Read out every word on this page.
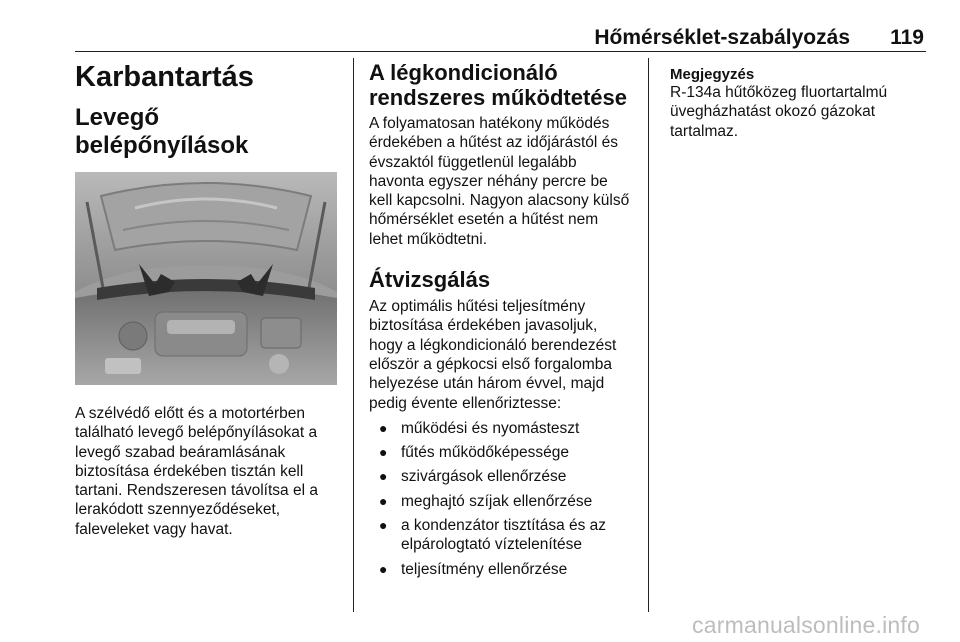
Hőmérséklet-szabályozás	119
Karbantartás
Levegő belépőnyílások

A szélvédő előtt és a motortérben található levegő belépőnyílásokat a levegő szabad beáramlásának biztosítása érdekében tisztán kell tartani. Rendszeresen távolítsa el a lerakódott szennyeződéseket, faleveleket vagy havat.

A légkondicionáló rendszeres működtetése

A folyamatosan hatékony működés érdekében a hűtést az időjárástól és évszaktól függetlenül legalább havonta egyszer néhány percre be kell kapcsolni. Nagyon alacsony külső hőmérséklet esetén a hűtést nem lehet működtetni.

Átvizsgálás

Az optimális hűtési teljesítmény biztosítása érdekében javasoljuk, hogy a légkondicionáló berendezést először a gépkocsi első forgalomba helyezése után három évvel, majd pedig évente ellenőriztesse:

● működési és nyomásteszt
● fűtés működőképessége
● szivárgások ellenőrzése
● meghajtó szíjak ellenőrzése
● a kondenzátor tisztítása és az elpárologtató víztelenítése
● teljesítmény ellenőrzése
Megjegyzés
R-134a hűtőközeg fluortartalmú üvegházhatást okozó gázokat tartalmaz.
carmanualsonline.info
